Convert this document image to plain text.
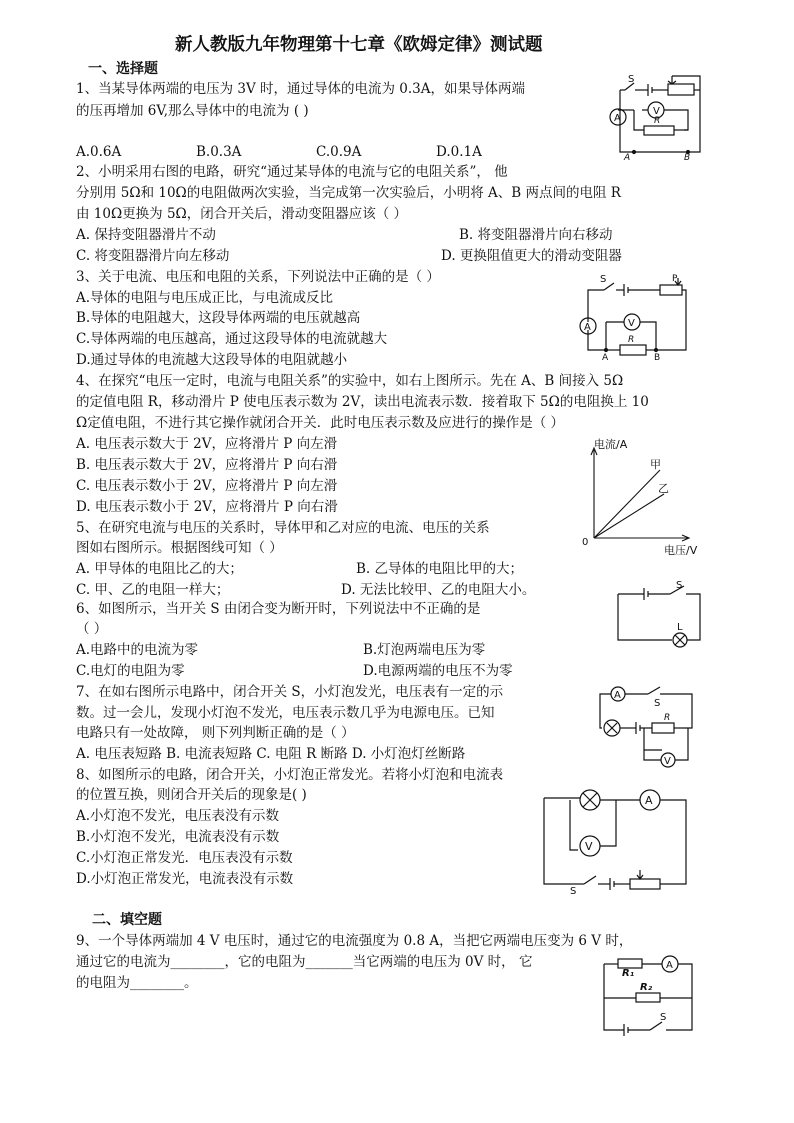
新人教版九年物理第十七章《欧姆定律》测试题
一、选择题
1、当某导体两端的电压为 3V 时，通过导体的电流为 0.3A，如果导体两端
的压再增加 6V,那么导体中的电流为 ( )
A.0.6A	B.0.3A	C.0.9A	D.0.1A
2、小明采用右图的电路，研究“通过某导体的电流与它的电阻关系”， 他
分别用 5Ω和 10Ω的电阻做两次实验，当完成第一次实验后，小明将 A、B 两点间的电阻 R
由 10Ω更换为 5Ω，闭合开关后，滑动变阻器应该（ ）
A. 保持变阻器滑片不动	B. 将变阻器滑片向右移动
C. 将变阻器滑片向左移动	D. 更换阻值更大的滑动变阻器
3、关于电流、电压和电阻的关系，下列说法中正确的是（ ）
A.导体的电阻与电压成正比，与电流成反比
B.导体的电阻越大，这段导体两端的电压就越高
C.导体两端的电压越高，通过这段导体的电流就越大
D.通过导体的电流越大这段导体的电阻就越小
4、在探究“电压一定时，电流与电阻关系”的实验中，如右上图所示。先在 A、B 间接入 5Ω
的定值电阻 R，移动滑片 P 使电压表示数为 2V，读出电流表示数．接着取下 5Ω的电阻换上 10
Ω定值电阻，不进行其它操作就闭合开关．此时电压表示数及应进行的操作是（ ）
A. 电压表示数大于 2V，应将滑片 P 向左滑
B. 电压表示数大于 2V，应将滑片 P 向右滑
C. 电压表示数小于 2V，应将滑片 P 向左滑
D. 电压表示数小于 2V，应将滑片 P 向右滑
5、在研究电流与电压的关系时，导体甲和乙对应的电流、电压的关系
图如右图所示。根据图线可知（ ）
A. 甲导体的电阻比乙的大；	B. 乙导体的电阻比甲的大；
C. 甲、乙的电阻一样大；	D. 无法比较甲、乙的电阻大小。
6、如图所示，当开关 S 由闭合变为断开时，下列说法中不正确的是
（ ）
A.电路中的电流为零	B.灯泡两端电压为零
C.电灯的电阻为零	D.电源两端的电压不为零
7、在如右图所示电路中，闭合开关 S，小灯泡发光，电压表有一定的示
数。过一会儿，发现小灯泡不发光，电压表示数几乎为电源电压。已知
电路只有一处故障， 则下列判断正确的是（ ）
A. 电压表短路 B. 电流表短路 C. 电阻 R 断路 D. 小灯泡灯丝断路
8、如图所示的电路，闭合开关，小灯泡正常发光。若将小灯泡和电流表
的位置互换，则闭合开关后的现象是( )
A.小灯泡不发光，电压表没有示数
B.小灯泡不发光，电流表没有示数
C.小灯泡正常发光．电压表没有示数
D.小灯泡正常发光，电流表没有示数
二、填空题
9、一个导体两端加 4 V 电压时，通过它的电流强度为 0.8 A，当把它两端电压变为 6 V 时，
通过它的电流为________，它的电阻为_______当它两端的电压为 0V 时， 它
的电阻为________。
S
V
A	R
A	B
S	P
A	V
R
A	B
电流/A
电压/V
0
甲
乙
S
L
A
S
R
V
A
V
S
R₁
A
R₂
S
